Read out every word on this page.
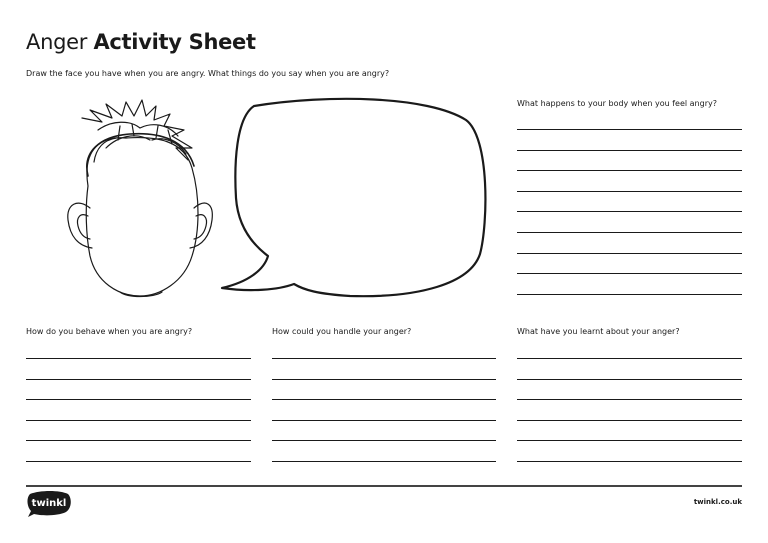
Anger Activity Sheet
Draw the face you have when you are angry. What things do you say when you are angry?
What happens to your body when you feel angry?
How do you behave when you are angry?	How could you handle your anger?	What have you learnt about your anger?
twinkl	twinkl.co.uk
